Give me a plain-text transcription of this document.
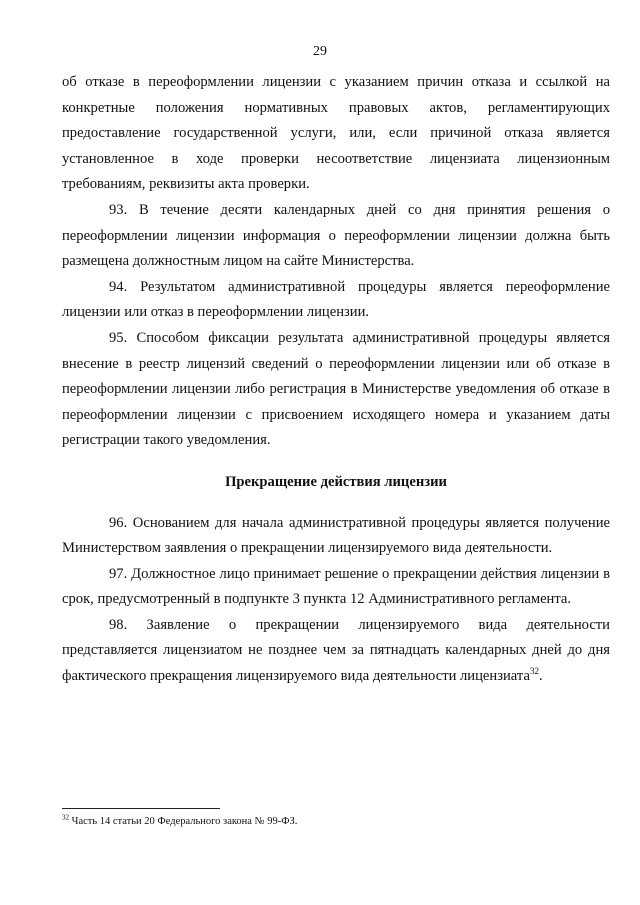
29

об отказе в переоформлении лицензии с указанием причин отказа и ссылкой на конкретные положения нормативных правовых актов, регламентирующих предоставление государственной услуги, или, если причиной отказа является установленное в ходе проверки несоответствие лицензиата лицензионным требованиям, реквизиты акта проверки.

93. В течение десяти календарных дней со дня принятия решения о переоформлении лицензии информация о переоформлении лицензии должна быть размещена должностным лицом на сайте Министерства.

94. Результатом административной процедуры является переоформление лицензии или отказ в переоформлении лицензии.

95. Способом фиксации результата административной процедуры является внесение в реестр лицензий сведений о переоформлении лицензии или об отказе в переоформлении лицензии либо регистрация в Министерстве уведомления об отказе в переоформлении лицензии с присвоением исходящего номера и указанием даты регистрации такого уведомления.

Прекращение действия лицензии

96. Основанием для начала административной процедуры является получение Министерством заявления о прекращении лицензируемого вида деятельности.

97. Должностное лицо принимает решение о прекращении действия лицензии в срок, предусмотренный в подпункте 3 пункта 12 Административного регламента.

98. Заявление о прекращении лицензируемого вида деятельности представляется лицензиатом не позднее чем за пятнадцать календарных дней до дня фактического прекращения лицензируемого вида деятельности лицензиата$^{32}$.

$^{32}$ Часть 14 статьи 20 Федерального закона № 99-ФЗ.
